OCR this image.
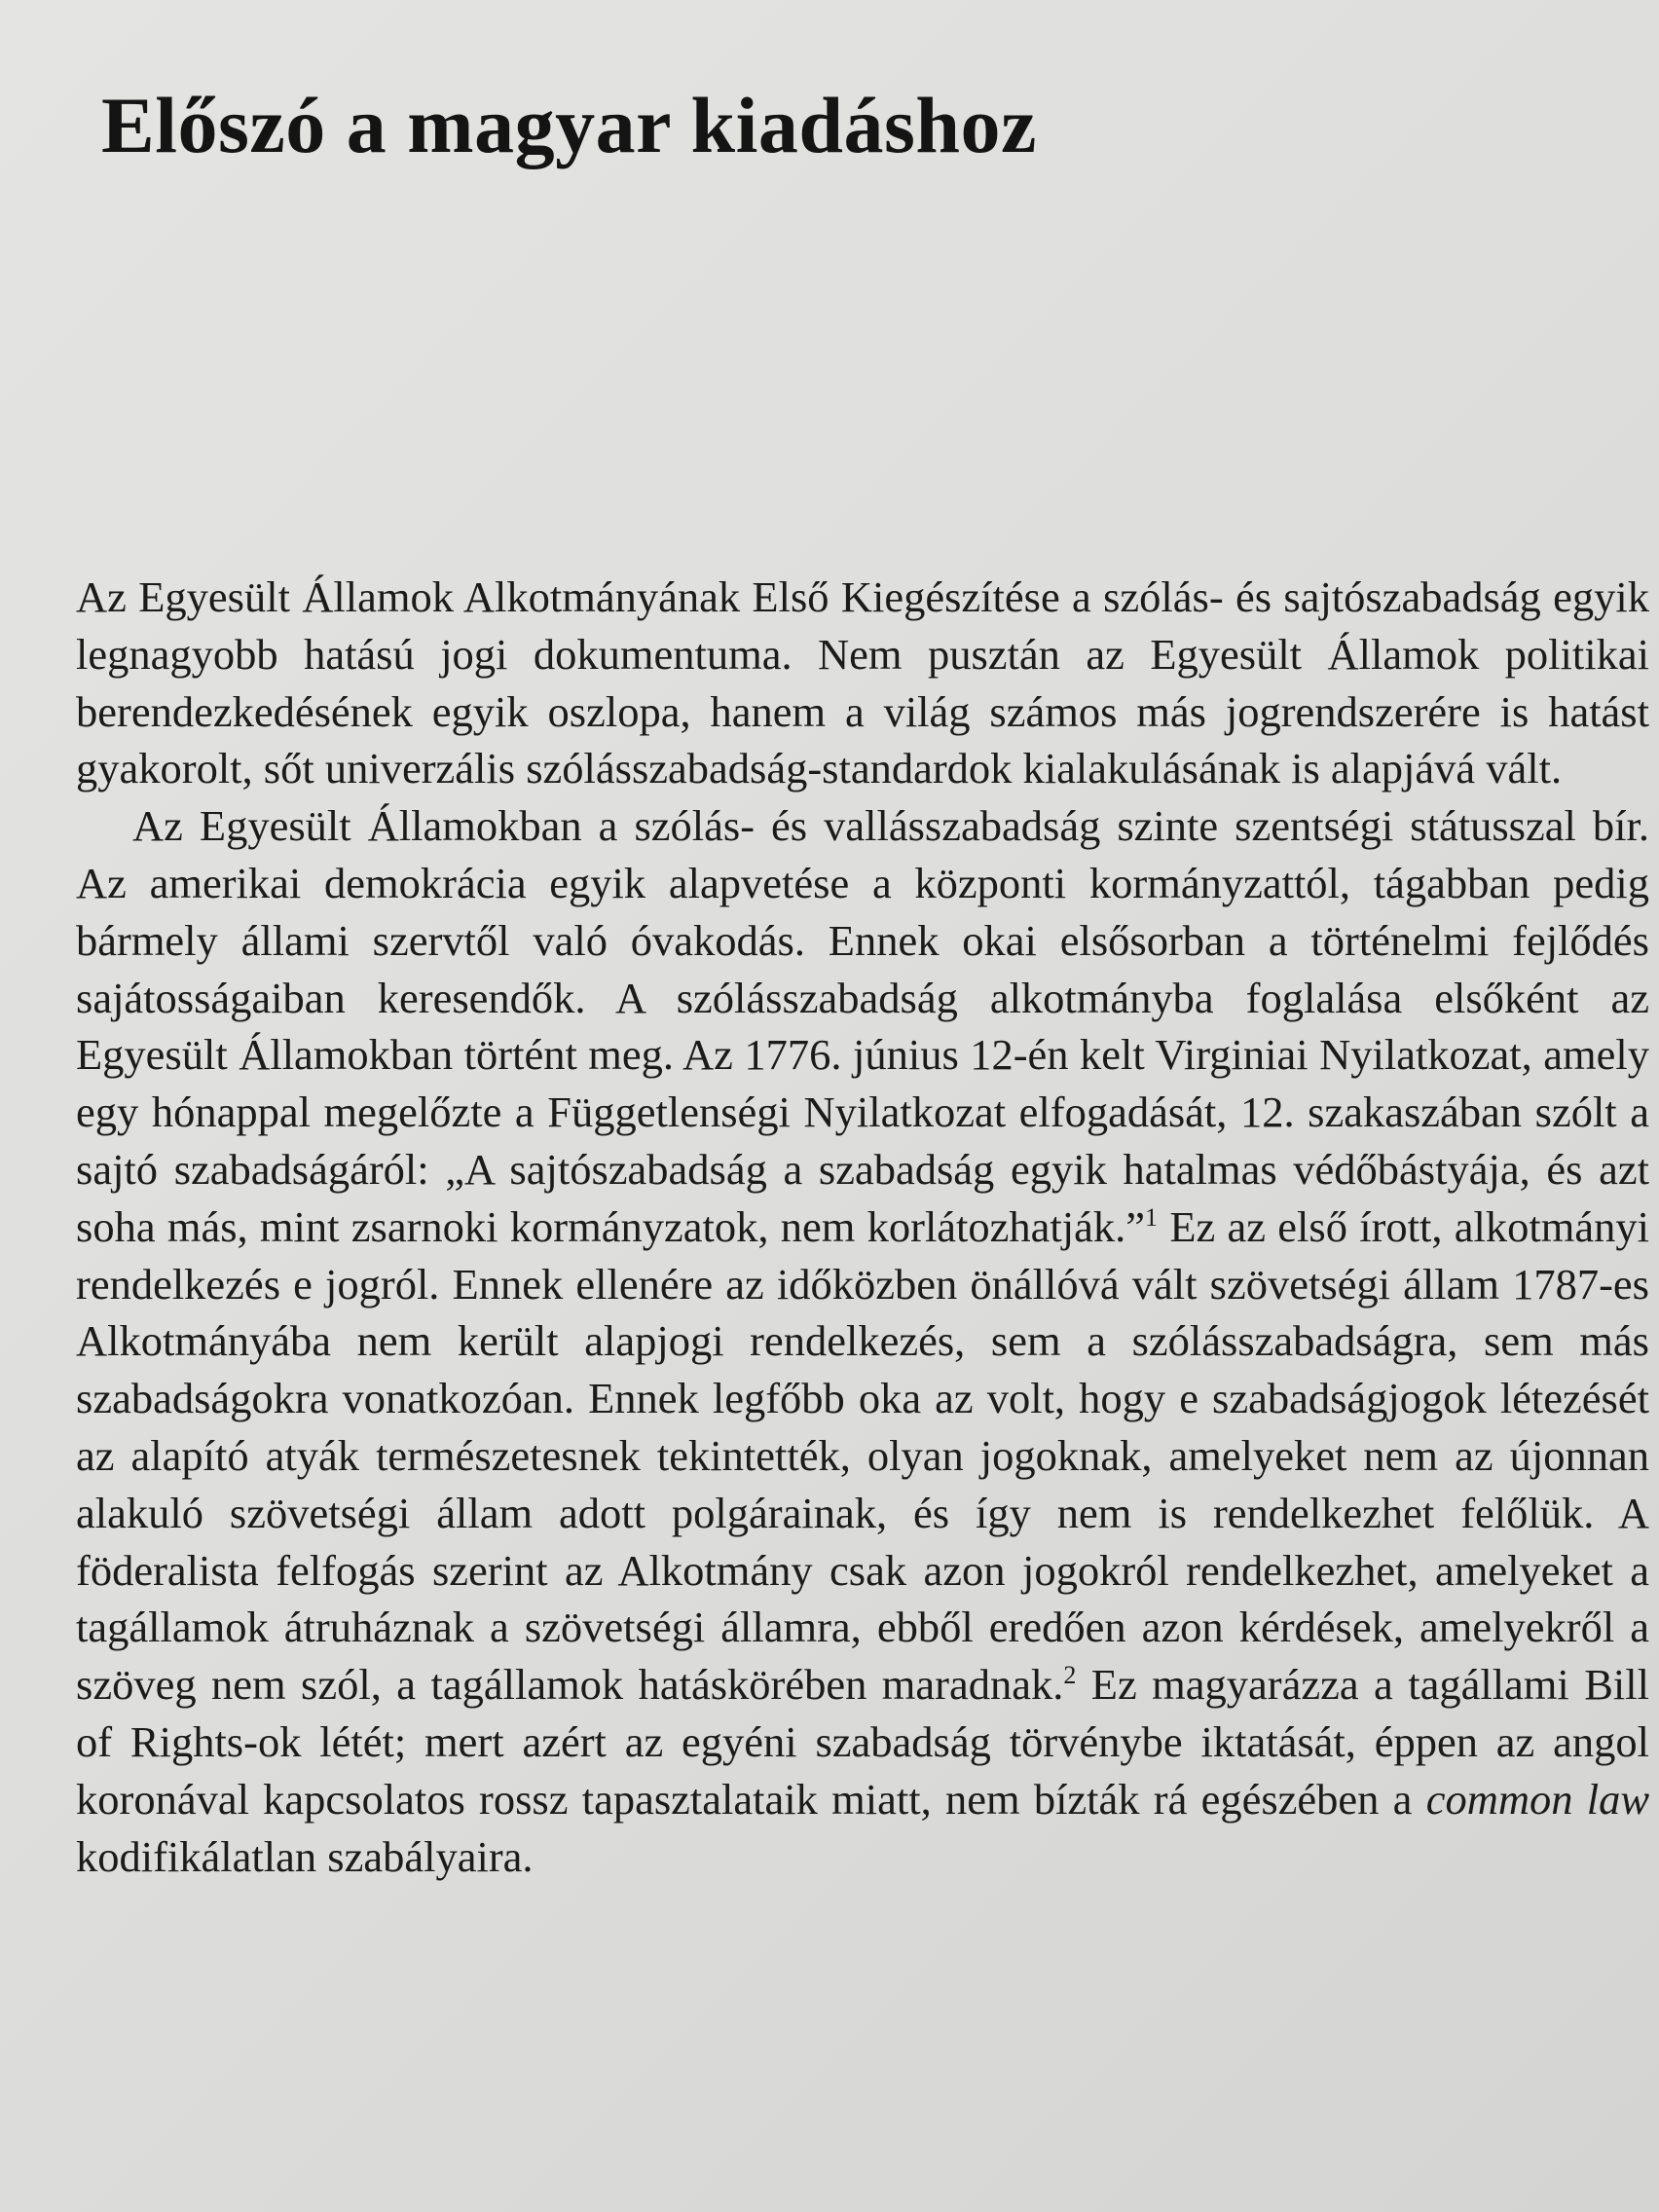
Előszó a magyar kiadáshoz

Az Egyesült Államok Alkotmányának Első Kiegészítése a szólás- és sajtószabadság egyik legnagyobb hatású jogi dokumentuma. Nem pusztán az Egyesült Államok politikai berendezkedésének egyik oszlopa, hanem a világ számos más jogrendszerére is hatást gyakorolt, sőt univerzális szólásszabadság-standardok kialakulásának is alapjává vált.

Az Egyesült Államokban a szólás- és vallásszabadság szinte szentségi státusszal bír. Az amerikai demokrácia egyik alapvetése a központi kormányzattól, tágabban pedig bármely állami szervtől való óvakodás. Ennek okai elsősorban a történelmi fejlődés sajátosságaiban keresendők. A szólásszabadság alkotmányba foglalása elsőként az Egyesült Államokban történt meg. Az 1776. június 12-én kelt Virginiai Nyilatkozat, amely egy hónappal megelőzte a Függetlenségi Nyilatkozat elfogadását, 12. szakaszában szólt a sajtó szabadságáról: „A sajtószabadság a szabadság egyik hatalmas védőbástyája, és azt soha más, mint zsarnoki kormányzatok, nem korlátozhatják.”$^1$ Ez az első írott, alkotmányi rendelkezés e jogról. Ennek ellenére az időközben önállóvá vált szövetségi állam 1787-es Alkotmányába nem került alapjogi rendelkezés, sem a szólásszabadságra, sem más szabadságokra vonatkozóan. Ennek legfőbb oka az volt, hogy e szabadságjogok létezését az alapító atyák természetesnek tekintették, olyan jogoknak, amelyeket nem az újonnan alakuló szövetségi állam adott polgárainak, és így nem is rendelkezhet felőlük. A föderalista felfogás szerint az Alkotmány csak azon jogokról rendelkezhet, amelyeket a tagállamok átruháznak a szövetségi államra, ebből eredően azon kérdések, amelyekről a szöveg nem szól, a tagállamok hatáskörében maradnak.$^2$ Ez magyarázza a tagállami Bill of Rights-ok létét; mert azért az egyéni szabadság törvénybe iktatását, éppen az angol koronával kapcsolatos rossz tapasztalataik miatt, nem bízták rá egészében a common law kodifikálatlan szabályaira.
